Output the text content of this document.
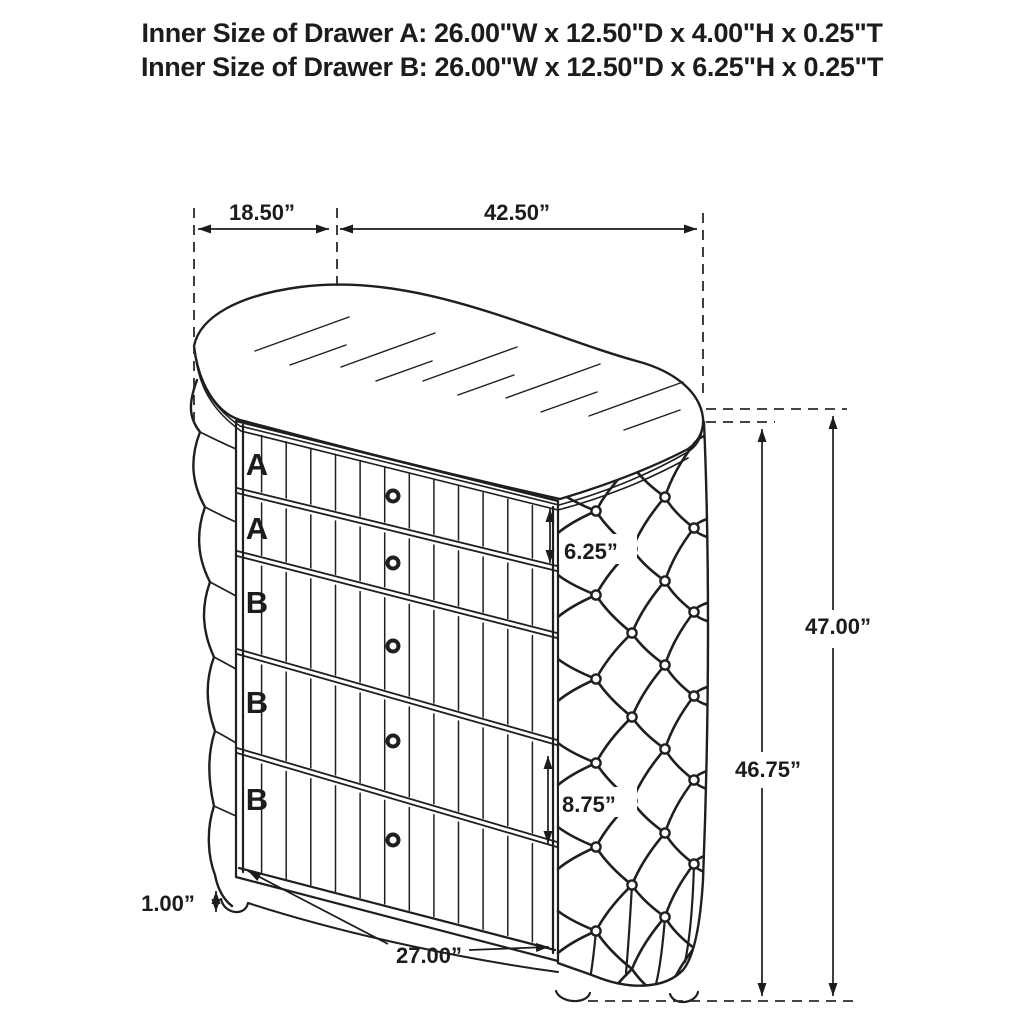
Inner Size of Drawer A: 26.00"W x 12.50"D x 4.00"H x 0.25"T
Inner Size of Drawer B: 26.00"W x 12.50"D x 6.25"H x 0.25"T
18.50”	42.50”
47.00”
46.75”
6.25”
8.75”
1.00”
27.00”
A
A
B
B
B
